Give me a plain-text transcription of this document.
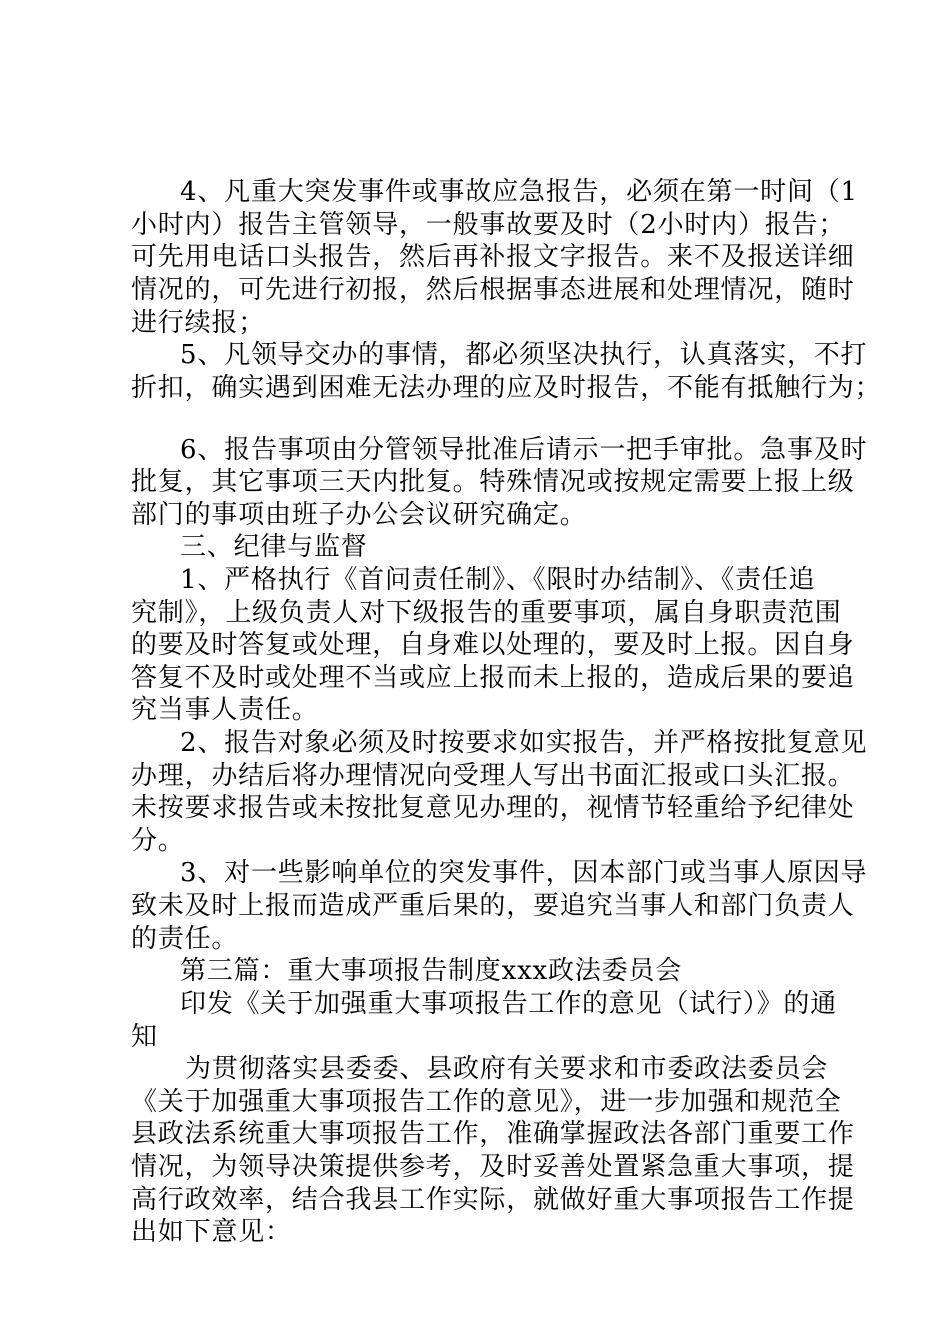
4、凡重大突发事件或事故应急报告，必须在第一时间（1
小时内）报告主管领导，一般事故要及时（2小时内）报告；
可先用电话口头报告，然后再补报文字报告。来不及报送详细
情况的，可先进行初报，然后根据事态进展和处理情况，随时
进行续报；
5、凡领导交办的事情，都必须坚决执行，认真落实，不打
折扣，确实遇到困难无法办理的应及时报告，不能有抵触行为；
6、报告事项由分管领导批准后请示一把手审批。急事及时
批复，其它事项三天内批复。特殊情况或按规定需要上报上级
部门的事项由班子办公会议研究确定。
三、纪律与监督
1、严格执行《首问责任制》、《限时办结制》、《责任追
究制》，上级负责人对下级报告的重要事项，属自身职责范围
的要及时答复或处理，自身难以处理的，要及时上报。因自身
答复不及时或处理不当或应上报而未上报的，造成后果的要追
究当事人责任。
2、报告对象必须及时按要求如实报告，并严格按批复意见
办理，办结后将办理情况向受理人写出书面汇报或口头汇报。
未按要求报告或未按批复意见办理的，视情节轻重给予纪律处
分。
3、对一些影响单位的突发事件，因本部门或当事人原因导
致未及时上报而造成严重后果的，要追究当事人和部门负责人
的责任。
第三篇：重大事项报告制度xxx政法委员会
印发《关于加强重大事项报告工作的意见（试行）》的通
知
为贯彻落实县委委、县政府有关要求和市委政法委员会
《关于加强重大事项报告工作的意见》，进一步加强和规范全
县政法系统重大事项报告工作，准确掌握政法各部门重要工作
情况，为领导决策提供参考，及时妥善处置紧急重大事项，提
高行政效率，结合我县工作实际，就做好重大事项报告工作提
出如下意见：
